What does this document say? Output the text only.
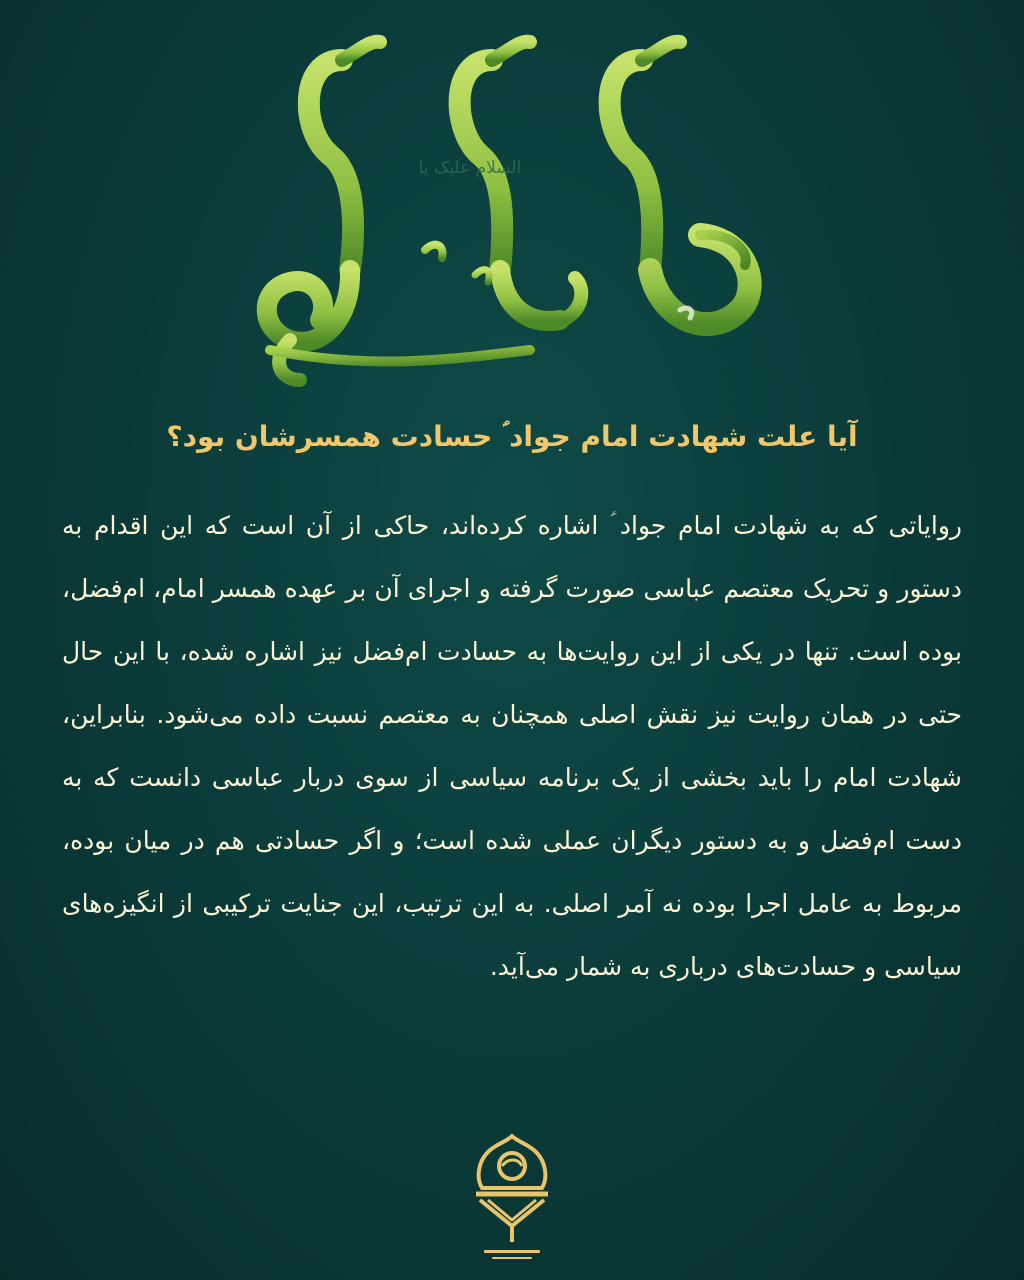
السلام علیک یا
آیا علت شهادت امام جواد ؑ حسادت همسرشان بود؟

روایاتی که به شهادت امام جواد ؑ اشاره کرده‌اند، حاکی از آن است که این اقدام به دستور و تحریک معتصم عباسی صورت گرفته و اجرای آن بر عهده همسر امام، ام‌فضل، بوده است. تنها در یکی از این روایت‌ها به حسادت ام‌فضل نیز اشاره شده، با این حال حتی در همان روایت نیز نقش اصلی همچنان به معتصم نسبت داده می‌شود. بنابراین، شهادت امام را باید بخشی از یک برنامه سیاسی از سوی دربار عباسی دانست که به دست ام‌فضل و به دستور دیگران عملی شده است؛ و اگر حسادتی هم در میان بوده، مربوط به عامل اجرا بوده نه آمر اصلی. به این ترتیب، این جنایت ترکیبی از انگیزه‌های سیاسی و حسادت‌های درباری به شمار می‌آید.
